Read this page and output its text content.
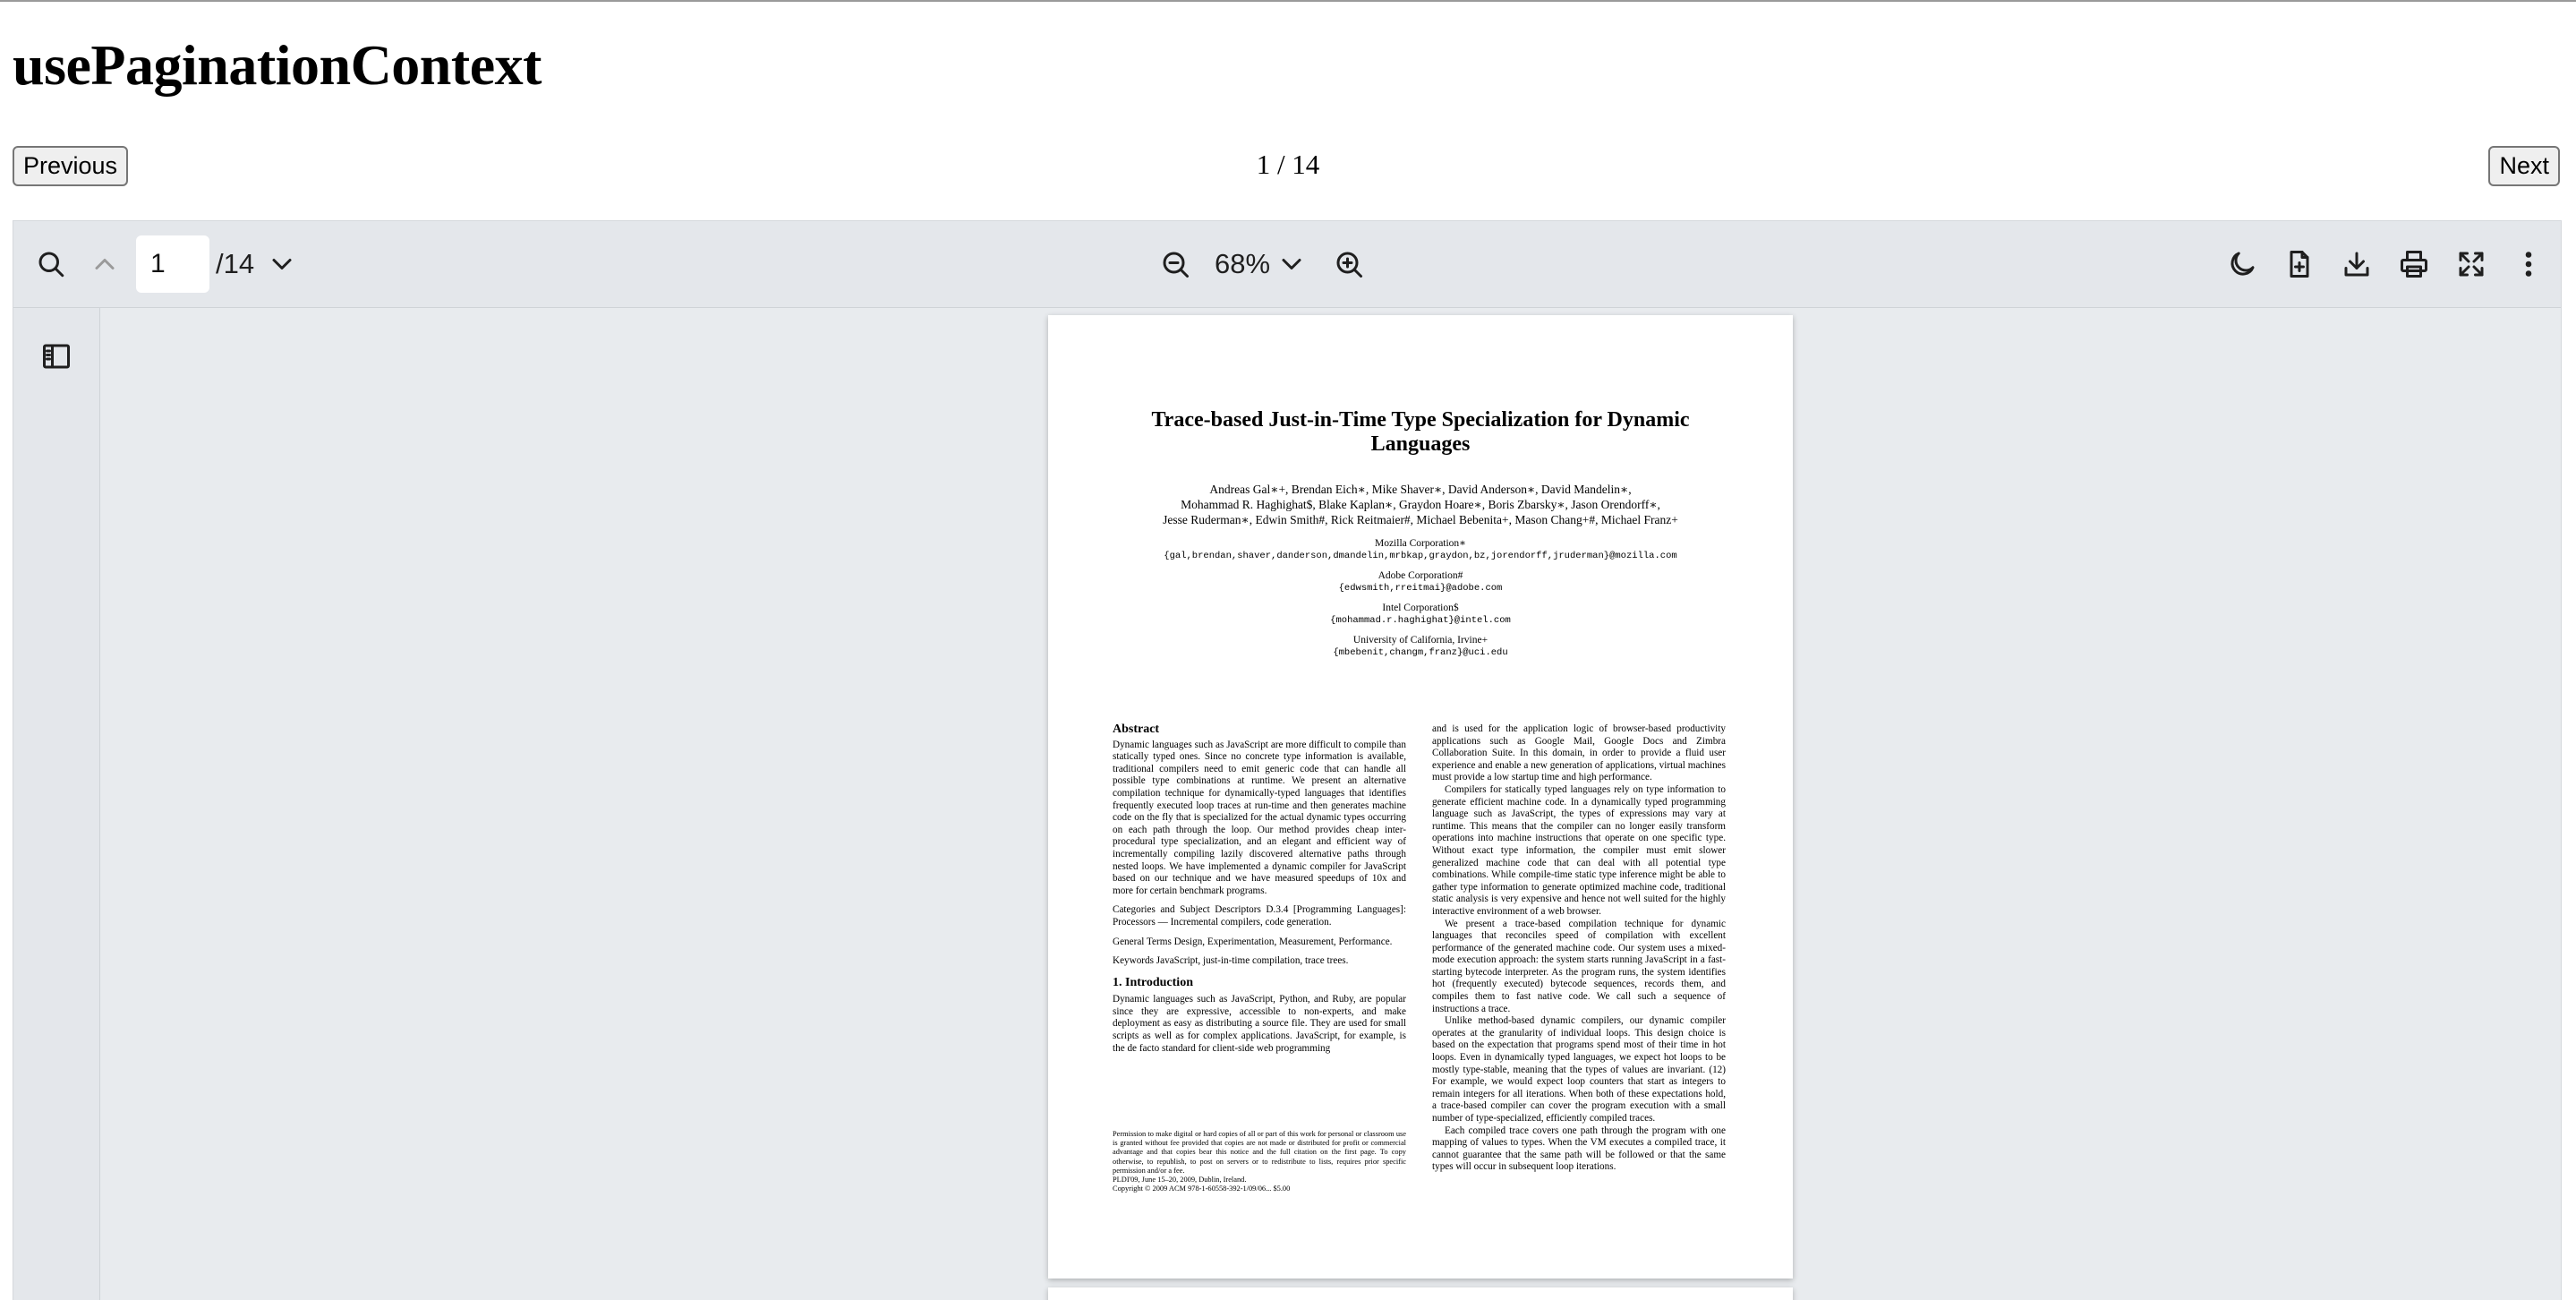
usePaginationContext
Previous	1 / 14	Next
1
/14	68%
Trace-based Just-in-Time Type Specialization for Dynamic Languages
Andreas Gal∗+, Brendan Eich∗, Mike Shaver∗, David Anderson∗, David Mandelin∗,
Mohammad R. Haghighat$, Blake Kaplan∗, Graydon Hoare∗, Boris Zbarsky∗, Jason Orendorff∗,
Jesse Ruderman∗, Edwin Smith#, Rick Reitmaier#, Michael Bebenita+, Mason Chang+#, Michael Franz+
Mozilla Corporation∗
{gal,brendan,shaver,danderson,dmandelin,mrbkap,graydon,bz,jorendorff,jruderman}@mozilla.com
Adobe Corporation#
{edwsmith,rreitmai}@adobe.com
Intel Corporation$
{mohammad.r.haghighat}@intel.com
University of California, Irvine+
{mbebenit,changm,franz}@uci.edu
Abstract

Dynamic languages such as JavaScript are more difficult to compile than statically typed ones. Since no concrete type information is available, traditional compilers need to emit generic code that can handle all possible type combinations at runtime. We present an alternative compilation technique for dynamically-typed languages that identifies frequently executed loop traces at run-time and then generates machine code on the fly that is specialized for the actual dynamic types occurring on each path through the loop. Our method provides cheap inter-procedural type specialization, and an elegant and efficient way of incrementally compiling lazily discovered alternative paths through nested loops. We have implemented a dynamic compiler for JavaScript based on our technique and we have measured speedups of 10x and more for certain benchmark programs.

Categories and Subject Descriptors D.3.4 [Programming Languages]: Processors — Incremental compilers, code generation.

General Terms Design, Experimentation, Measurement, Performance.

Keywords JavaScript, just-in-time compilation, trace trees.

1. Introduction

Dynamic languages such as JavaScript, Python, and Ruby, are popular since they are expressive, accessible to non-experts, and make deployment as easy as distributing a source file. They are used for small scripts as well as for complex applications. JavaScript, for example, is the de facto standard for client-side web programming

Permission to make digital or hard copies of all or part of this work for personal or classroom use is granted without fee provided that copies are not made or distributed for profit or commercial advantage and that copies bear this notice and the full citation on the first page. To copy otherwise, to republish, to post on servers or to redistribute to lists, requires prior specific permission and/or a fee.
PLDI'09, June 15–20, 2009, Dublin, Ireland.
Copyright © 2009 ACM 978-1-60558-392-1/09/06... $5.00

and is used for the application logic of browser-based productivity applications such as Google Mail, Google Docs and Zimbra Collaboration Suite. In this domain, in order to provide a fluid user experience and enable a new generation of applications, virtual machines must provide a low startup time and high performance.

Compilers for statically typed languages rely on type information to generate efficient machine code. In a dynamically typed programming language such as JavaScript, the types of expressions may vary at runtime. This means that the compiler can no longer easily transform operations into machine instructions that operate on one specific type. Without exact type information, the compiler must emit slower generalized machine code that can deal with all potential type combinations. While compile-time static type inference might be able to gather type information to generate optimized machine code, traditional static analysis is very expensive and hence not well suited for the highly interactive environment of a web browser.

We present a trace-based compilation technique for dynamic languages that reconciles speed of compilation with excellent performance of the generated machine code. Our system uses a mixed-mode execution approach: the system starts running JavaScript in a fast-starting bytecode interpreter. As the program runs, the system identifies hot (frequently executed) bytecode sequences, records them, and compiles them to fast native code. We call such a sequence of instructions a trace.

Unlike method-based dynamic compilers, our dynamic compiler operates at the granularity of individual loops. This design choice is based on the expectation that programs spend most of their time in hot loops. Even in dynamically typed languages, we expect hot loops to be mostly type-stable, meaning that the types of values are invariant. (12) For example, we would expect loop counters that start as integers to remain integers for all iterations. When both of these expectations hold, a trace-based compiler can cover the program execution with a small number of type-specialized, efficiently compiled traces.

Each compiled trace covers one path through the program with one mapping of values to types. When the VM executes a compiled trace, it cannot guarantee that the same path will be followed or that the same types will occur in subsequent loop iterations.
